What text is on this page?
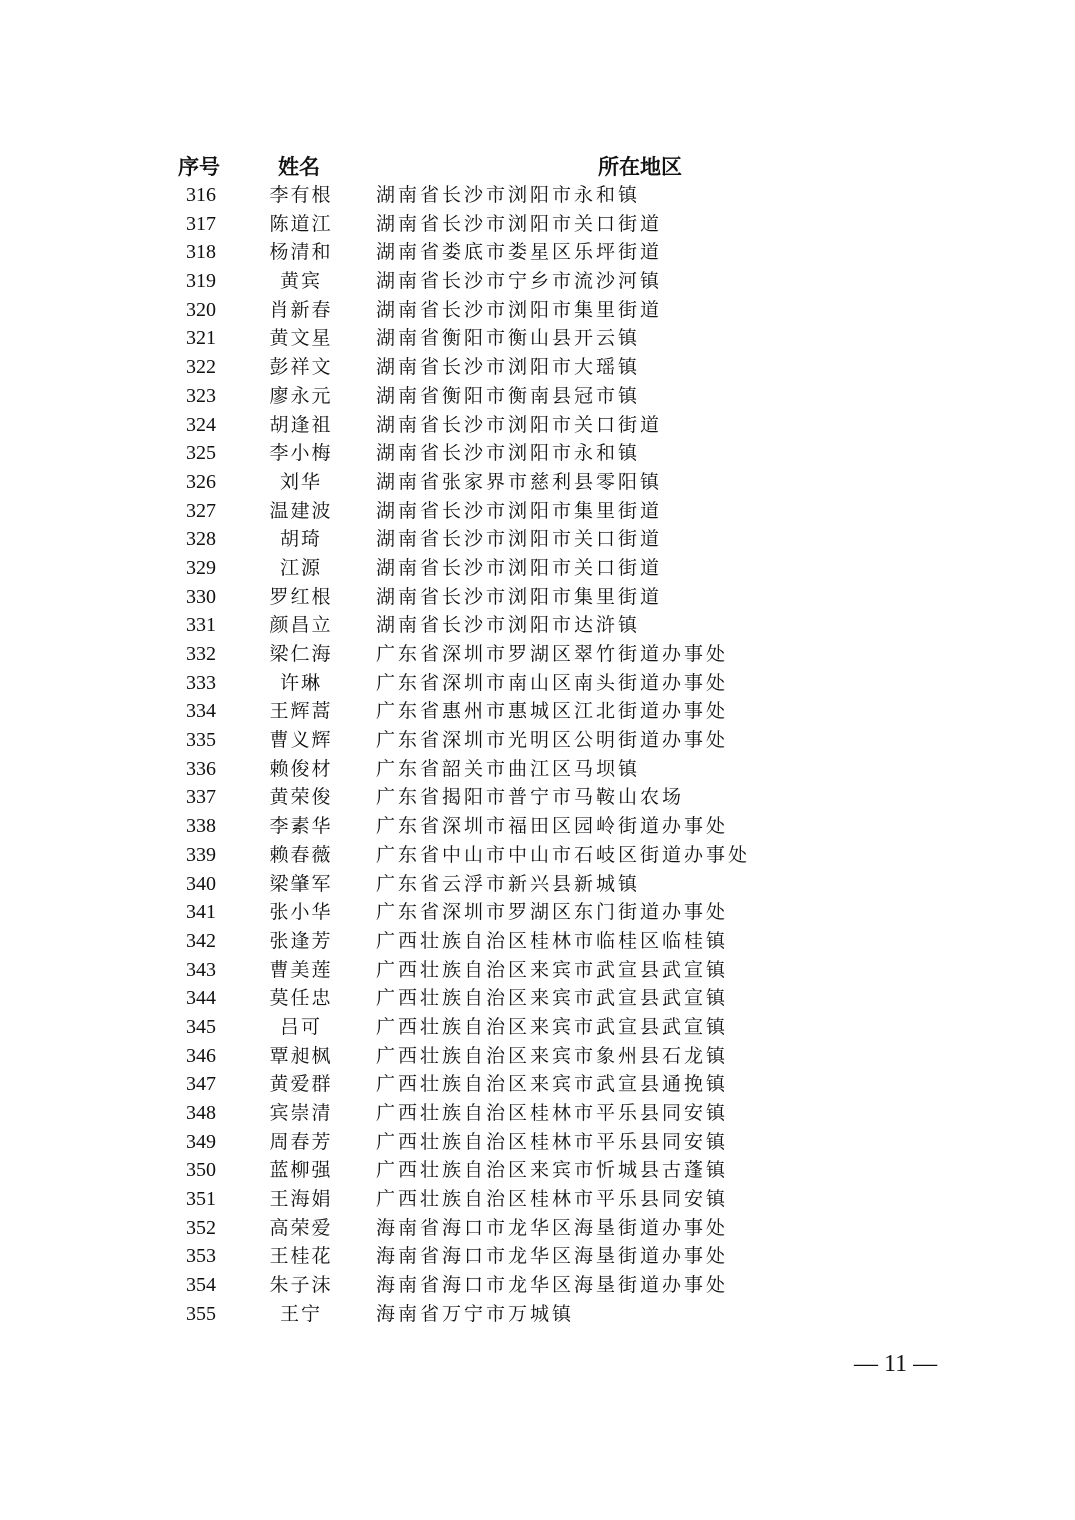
序号	姓名	所在地区
316	李有根	湖南省长沙市浏阳市永和镇
317	陈道江	湖南省长沙市浏阳市关口街道
318	杨清和	湖南省娄底市娄星区乐坪街道
319	黄宾	湖南省长沙市宁乡市流沙河镇
320	肖新春	湖南省长沙市浏阳市集里街道
321	黄文星	湖南省衡阳市衡山县开云镇
322	彭祥文	湖南省长沙市浏阳市大瑶镇
323	廖永元	湖南省衡阳市衡南县冠市镇
324	胡逢祖	湖南省长沙市浏阳市关口街道
325	李小梅	湖南省长沙市浏阳市永和镇
326	刘华	湖南省张家界市慈利县零阳镇
327	温建波	湖南省长沙市浏阳市集里街道
328	胡琦	湖南省长沙市浏阳市关口街道
329	江源	湖南省长沙市浏阳市关口街道
330	罗红根	湖南省长沙市浏阳市集里街道
331	颜昌立	湖南省长沙市浏阳市达浒镇
332	梁仁海	广东省深圳市罗湖区翠竹街道办事处
333	许琳	广东省深圳市南山区南头街道办事处
334	王辉蒿	广东省惠州市惠城区江北街道办事处
335	曹义辉	广东省深圳市光明区公明街道办事处
336	赖俊材	广东省韶关市曲江区马坝镇
337	黄荣俊	广东省揭阳市普宁市马鞍山农场
338	李素华	广东省深圳市福田区园岭街道办事处
339	赖春薇	广东省中山市中山市石岐区街道办事处
340	梁肇军	广东省云浮市新兴县新城镇
341	张小华	广东省深圳市罗湖区东门街道办事处
342	张逢芳	广西壮族自治区桂林市临桂区临桂镇
343	曹美莲	广西壮族自治区来宾市武宣县武宣镇
344	莫任忠	广西壮族自治区来宾市武宣县武宣镇
345	吕可	广西壮族自治区来宾市武宣县武宣镇
346	覃昶枫	广西壮族自治区来宾市象州县石龙镇
347	黄爱群	广西壮族自治区来宾市武宣县通挽镇
348	宾崇清	广西壮族自治区桂林市平乐县同安镇
349	周春芳	广西壮族自治区桂林市平乐县同安镇
350	蓝柳强	广西壮族自治区来宾市忻城县古蓬镇
351	王海娟	广西壮族自治区桂林市平乐县同安镇
352	高荣爱	海南省海口市龙华区海垦街道办事处
353	王桂花	海南省海口市龙华区海垦街道办事处
354	朱子沫	海南省海口市龙华区海垦街道办事处
355	王宁	海南省万宁市万城镇
— 11 —
